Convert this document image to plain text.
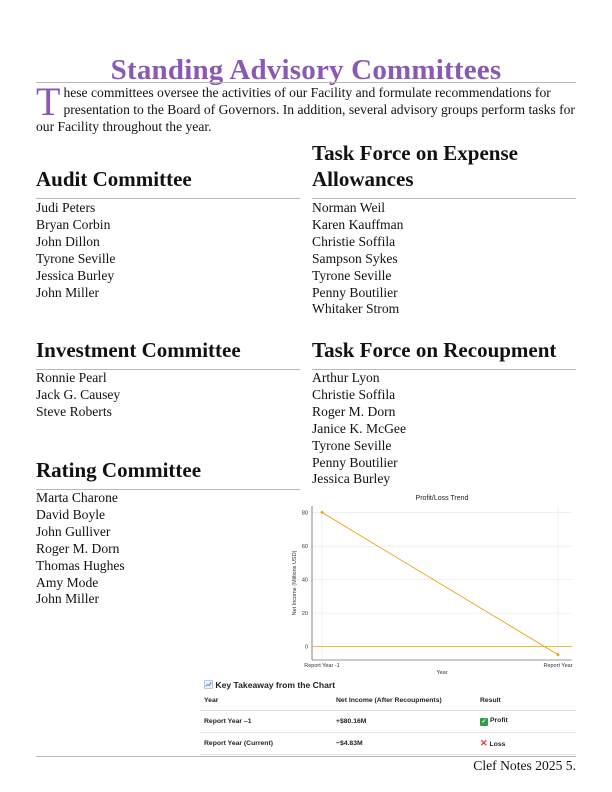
Standing Advisory Committees

These committees oversee the activities of our Facility and formulate recommendations for presentation to the Board of Governors. In addition, several advisory groups perform tasks for our Facility throughout the year.

Audit Committee
Judi Peters
Bryan Corbin
John Dillon
Tyrone Seville
Jessica Burley
John Miller
Investment Committee
Ronnie Pearl
Jack G. Causey
Steve Roberts
Rating Committee
Marta Charone
David Boyle
John Gulliver
Roger M. Dorn
Thomas Hughes
Amy Mode
John Miller
Task Force on Expense
Allowances
Norman Weil
Karen Kauffman
Christie Soffila
Sampson Sykes
Tyrone Seville
Penny Boutilier
Whitaker Strom
Task Force on Recoupment
Arthur Lyon
Christie Soffila
Roger M. Dorn
Janice K. McGee
Tyrone Seville
Penny Boutilier
Jessica Burley
0
20
40
60
80
Report Year -1	Report Year
Profit/Loss Trend
Year
Net Income (Millions USD)
Key Takeaway from the Chart
Year	Net Income (After Recoupments)	Result
Report Year –1	+$80.16M	✓ Profit
Report Year (Current)	−$4.83M	✕ Loss
Clef Notes 2025 5.
